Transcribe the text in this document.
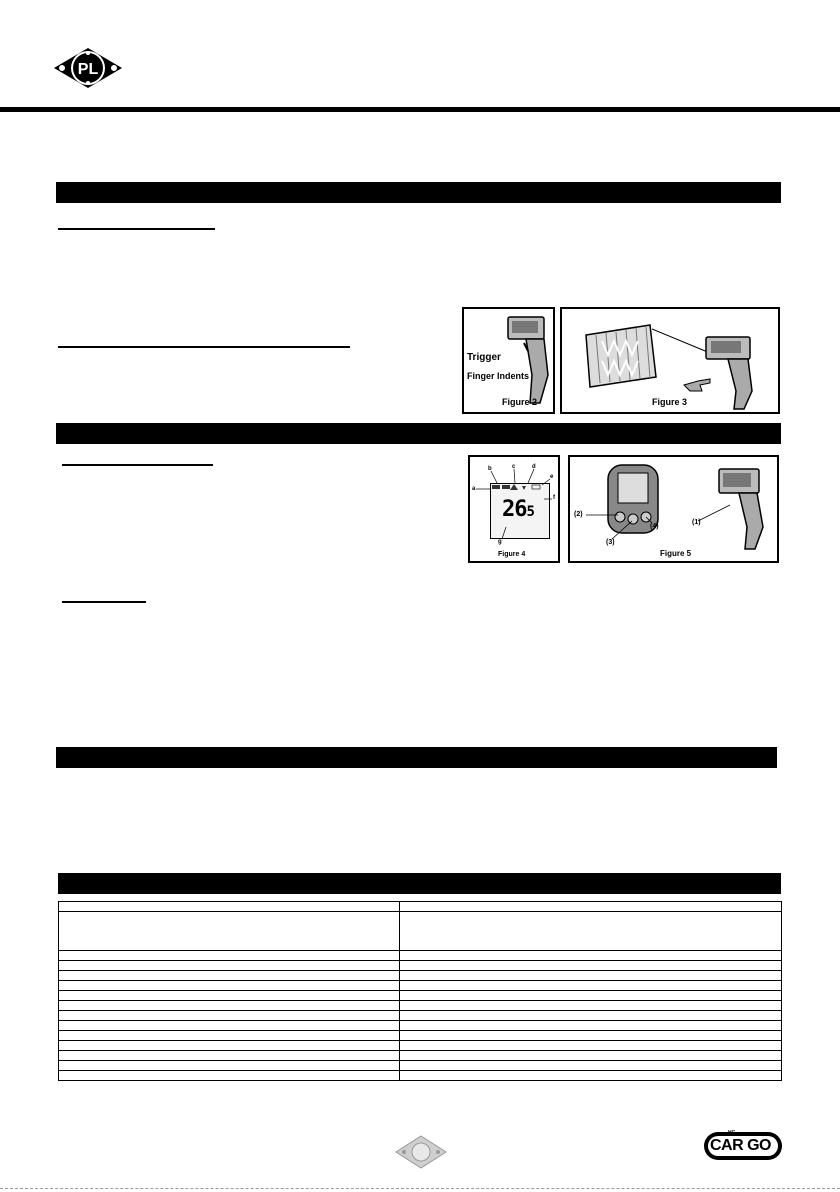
PL
Trigger
Finger Indents
Figure 2	Figure 3
265
a
b	c	d
e
f
g
Figure 4
(1)
(2)
(3)
(4)
Figure 5

HC
CAR GO
